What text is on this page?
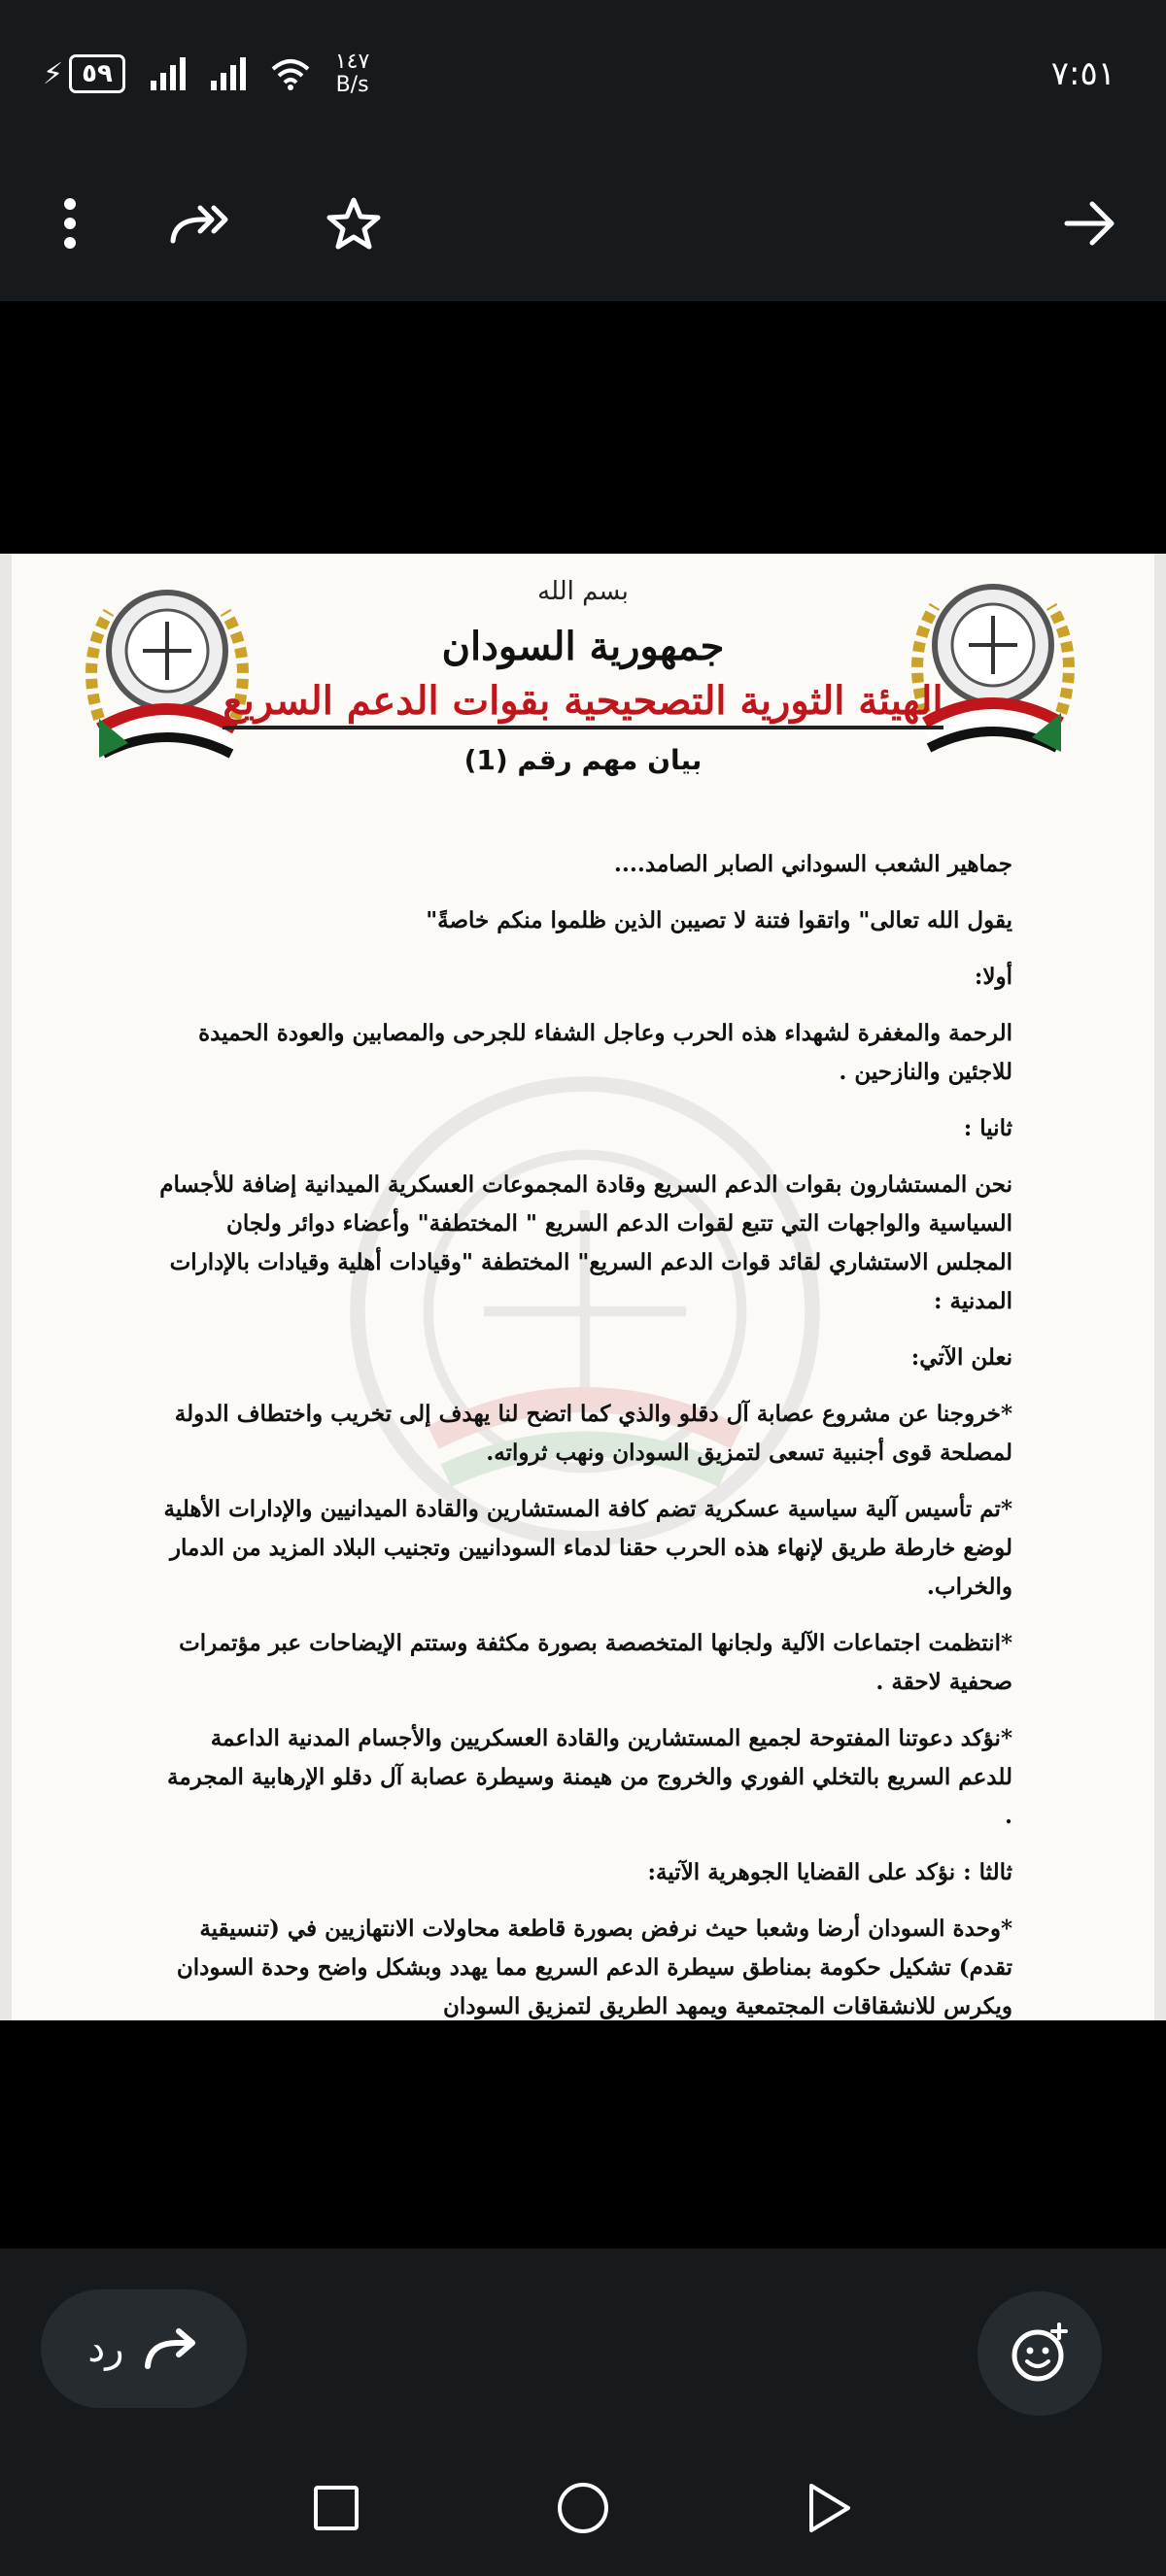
⚡ ٥٩	١٤٧
B/s	٧:٥١
بسم الله
جمهورية السودان
الهيئة الثورية التصحيحية بقوات الدعم السريع
بيان مهم رقم (1)

جماهير الشعب السوداني الصابر الصامد....

يقول الله تعالى" واتقوا فتنة لا تصيبن الذين ظلموا منكم خاصةً"

أولا:

الرحمة والمغفرة لشهداء هذه الحرب وعاجل الشفاء للجرحى والمصابين والعودة الحميدة للاجئين والنازحين .

ثانيا :

نحن المستشارون بقوات الدعم السريع وقادة المجموعات العسكرية الميدانية إضافة للأجسام السياسية والواجهات التي تتبع لقوات الدعم السريع " المختطفة" وأعضاء دوائر ولجان المجلس الاستشاري لقائد قوات الدعم السريع" المختطفة "وقيادات أهلية وقيادات بالإدارات المدنية :

نعلن الآتي:

*خروجنا عن مشروع عصابة آل دقلو والذي كما اتضح لنا يهدف إلى تخريب واختطاف الدولة لمصلحة قوى أجنبية تسعى لتمزيق السودان ونهب ثرواته.

*تم تأسيس آلية سياسية عسكرية تضم كافة المستشارين والقادة الميدانيين والإدارات الأهلية لوضع خارطة طريق لإنهاء هذه الحرب حقنا لدماء السودانيين وتجنيب البلاد المزيد من الدمار والخراب.

*انتظمت اجتماعات الآلية ولجانها المتخصصة بصورة مكثفة وستتم الإيضاحات عبر مؤتمرات صحفية لاحقة .

*نؤكد دعوتنا المفتوحة لجميع المستشارين والقادة العسكريين والأجسام المدنية الداعمة للدعم السريع بالتخلي الفوري والخروج من هيمنة وسيطرة عصابة آل دقلو الإرهابية المجرمة .

ثالثا : نؤكد على القضايا الجوهرية الآتية:

*وحدة السودان أرضا وشعبا حيث نرفض بصورة قاطعة محاولات الانتهازيين في (تنسيقية تقدم) تشكيل حكومة بمناطق سيطرة الدعم السريع مما يهدد وبشكل واضح وحدة السودان ويكرس للانشقاقات المجتمعية ويمهد الطريق لتمزيق السودان

رد
